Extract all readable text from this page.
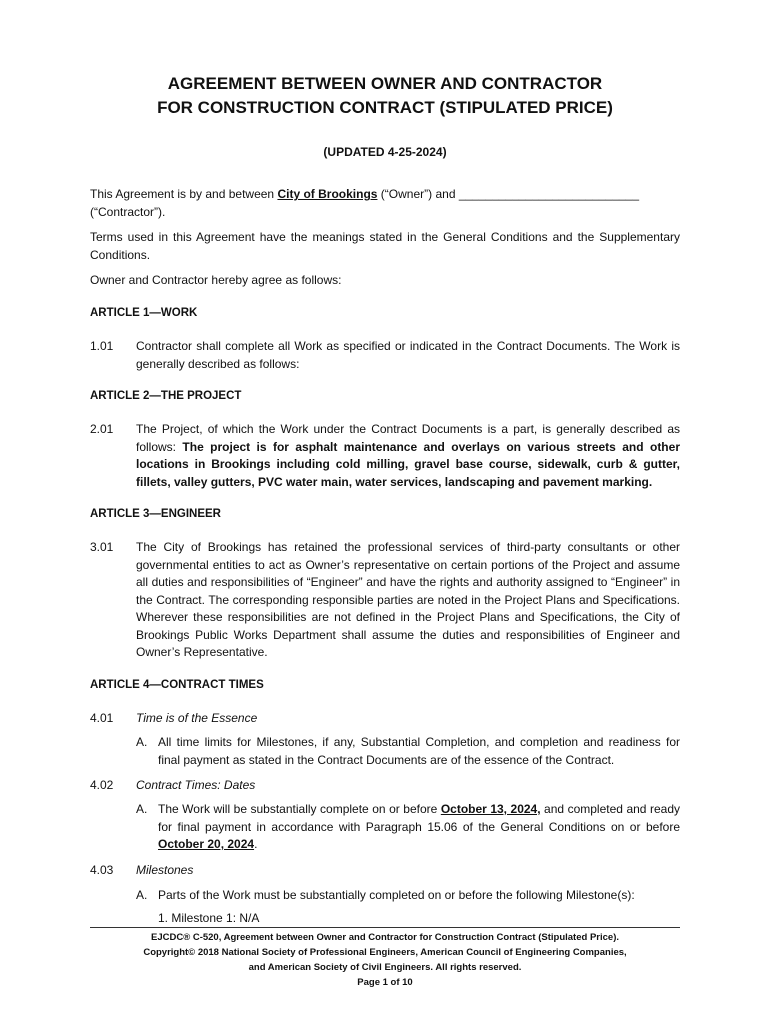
AGREEMENT BETWEEN OWNER AND CONTRACTOR
FOR CONSTRUCTION CONTRACT (STIPULATED PRICE)
(UPDATED 4-25-2024)
This Agreement is by and between City of Brookings (“Owner”) and ___________________________
(“Contractor”).
Terms used in this Agreement have the meanings stated in the General Conditions and the Supplementary Conditions.
Owner and Contractor hereby agree as follows:
ARTICLE 1—WORK
1.01 Contractor shall complete all Work as specified or indicated in the Contract Documents. The Work is generally described as follows:
ARTICLE 2—THE PROJECT
2.01 The Project, of which the Work under the Contract Documents is a part, is generally described as follows: The project is for asphalt maintenance and overlays on various streets and other locations in Brookings including cold milling, gravel base course, sidewalk, curb & gutter, fillets, valley gutters, PVC water main, water services, landscaping and pavement marking.
ARTICLE 3—ENGINEER
3.01 The City of Brookings has retained the professional services of third-party consultants or other governmental entities to act as Owner’s representative on certain portions of the Project and assume all duties and responsibilities of “Engineer” and have the rights and authority assigned to “Engineer” in the Contract. The corresponding responsible parties are noted in the Project Plans and Specifications. Wherever these responsibilities are not defined in the Project Plans and Specifications, the City of Brookings Public Works Department shall assume the duties and responsibilities of Engineer and Owner’s Representative.
ARTICLE 4—CONTRACT TIMES
4.01 Time is of the Essence
A. All time limits for Milestones, if any, Substantial Completion, and completion and readiness for final payment as stated in the Contract Documents are of the essence of the Contract.
4.02 Contract Times: Dates
A. The Work will be substantially complete on or before October 13, 2024, and completed and ready for final payment in accordance with Paragraph 15.06 of the General Conditions on or before October 20, 2024.
4.03 Milestones
A. Parts of the Work must be substantially completed on or before the following Milestone(s):
1. Milestone 1: N/A
EJCDC® C-520, Agreement between Owner and Contractor for Construction Contract (Stipulated Price).
Copyright© 2018 National Society of Professional Engineers, American Council of Engineering Companies,
and American Society of Civil Engineers. All rights reserved.
Page 1 of 10
